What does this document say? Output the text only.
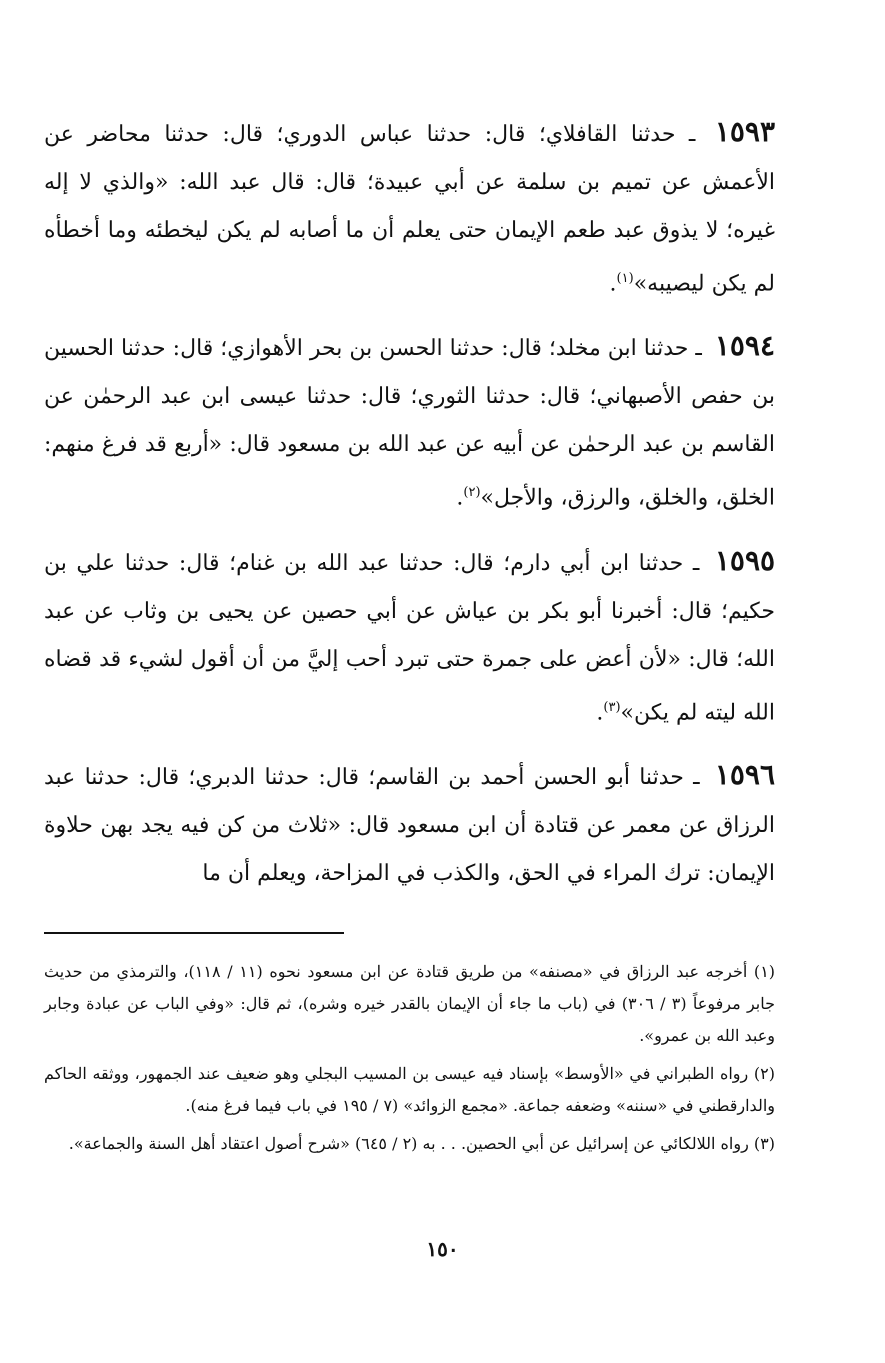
١٥٩٣ ـ حدثنا القافلاي؛ قال: حدثنا عباس الدوري؛ قال: حدثنا محاضر عن الأعمش عن تميم بن سلمة عن أبي عبيدة؛ قال: قال عبد الله: «والذي لا إله غيره؛ لا يذوق عبد طعم الإيمان حتى يعلم أن ما أصابه لم يكن ليخطئه وما أخطأه لم يكن ليصيبه»$^{(١)}$.

١٥٩٤ ـ حدثنا ابن مخلد؛ قال: حدثنا الحسن بن بحر الأهوازي؛ قال: حدثنا الحسين بن حفص الأصبهاني؛ قال: حدثنا الثوري؛ قال: حدثنا عيسى ابن عبد الرحمٰن عن القاسم بن عبد الرحمٰن عن أبيه عن عبد الله بن مسعود قال: «أربع قد فرغ منهم: الخلق، والخلق، والرزق، والأجل»$^{(٢)}$.

١٥٩٥ ـ حدثنا ابن أبي دارم؛ قال: حدثنا عبد الله بن غنام؛ قال: حدثنا علي بن حكيم؛ قال: أخبرنا أبو بكر بن عياش عن أبي حصين عن يحيى بن وثاب عن عبد الله؛ قال: «لأن أعض على جمرة حتى تبرد أحب إليَّ من أن أقول لشيء قد قضاه الله ليته لم يكن»$^{(٣)}$.

١٥٩٦ ـ حدثنا أبو الحسن أحمد بن القاسم؛ قال: حدثنا الدبري؛ قال: حدثنا عبد الرزاق عن معمر عن قتادة أن ابن مسعود قال: «ثلاث من كن فيه يجد بهن حلاوة الإيمان: ترك المراء في الحق، والكذب في المزاحة، ويعلم أن ما

(١) أخرجه عبد الرزاق في «مصنفه» من طريق قتادة عن ابن مسعود نحوه (١١ / ١١٨)، والترمذي من حديث جابر مرفوعاً (٣ / ٣٠٦) في (باب ما جاء أن الإيمان بالقدر خيره وشره)، ثم قال: «وفي الباب عن عبادة وجابر وعبد الله بن عمرو».

(٢) رواه الطبراني في «الأوسط» بإسناد فيه عيسى بن المسيب البجلي وهو ضعيف عند الجمهور، ووثقه الحاكم والدارقطني في «سننه» وضعفه جماعة. «مجمع الزوائد» (٧ / ١٩٥ في باب فيما فرغ منه).

(٣) رواه اللالكائي عن إسرائيل عن أبي الحصين. . . به (٢ / ٦٤٥) «شرح أصول اعتقاد أهل السنة والجماعة».

١٥٠
